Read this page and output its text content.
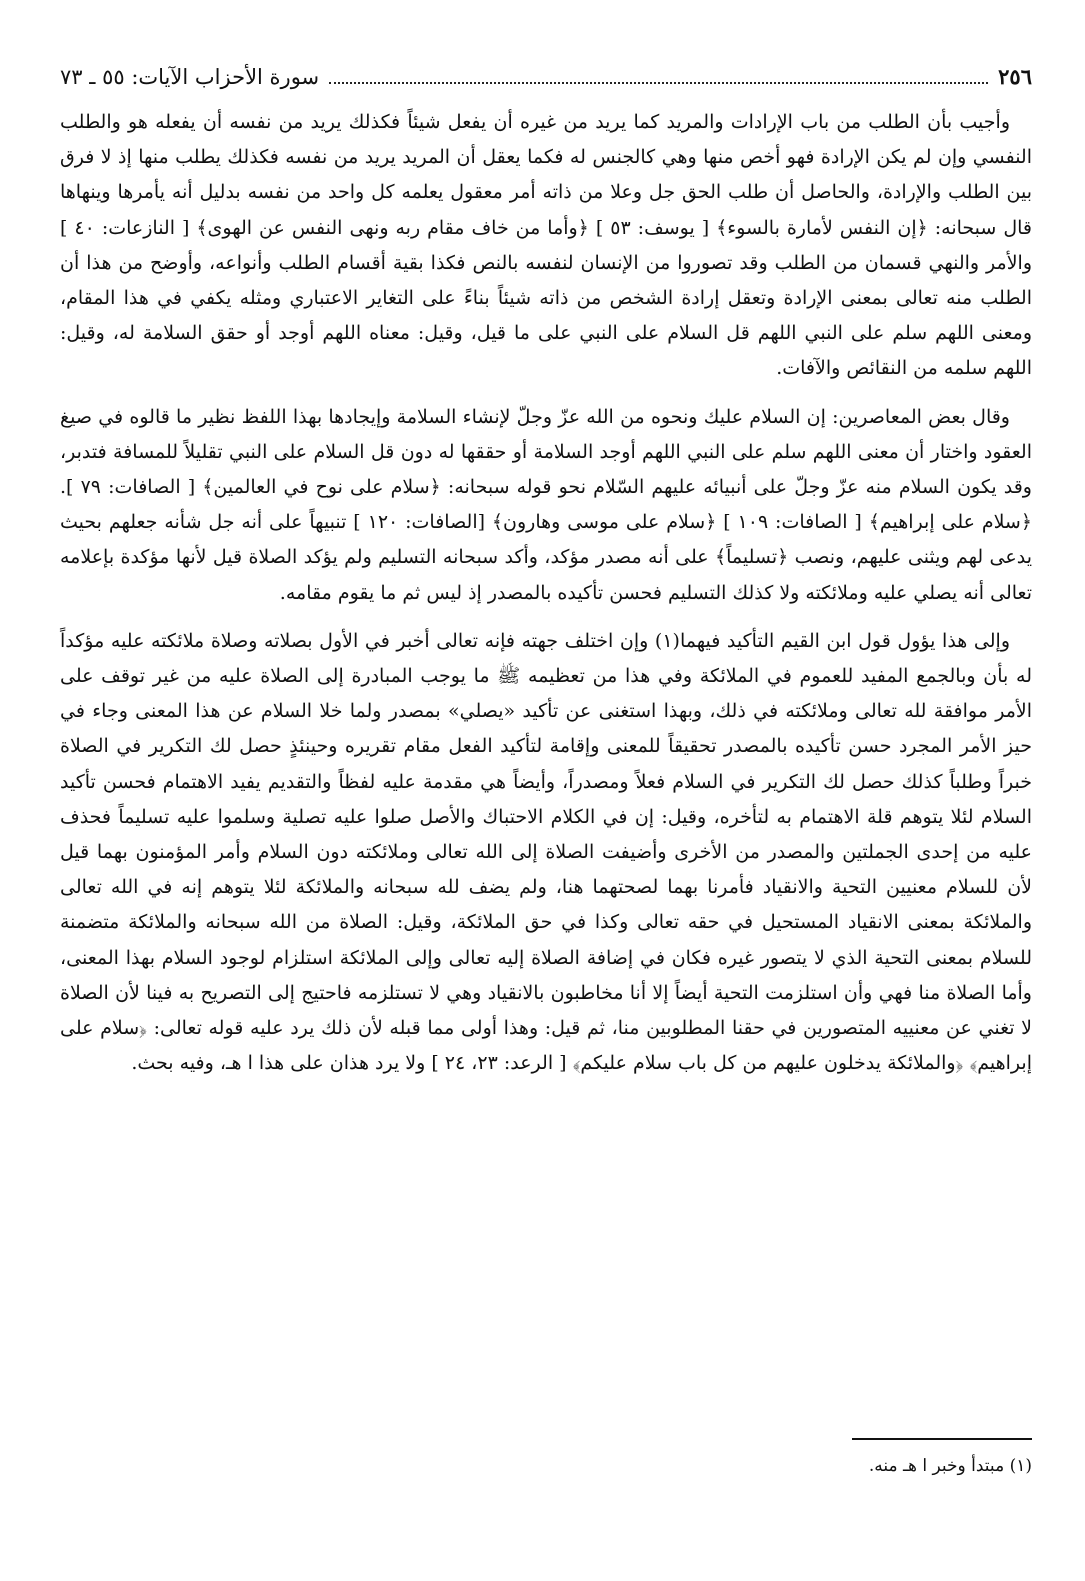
٢٥٦
سورة الأحزاب الآيات: ٥٥ ـ ٧٣

وأجيب بأن الطلب من باب الإرادات والمريد كما يريد من غيره أن يفعل شيئاً فكذلك يريد من نفسه أن يفعله هو والطلب النفسي وإن لم يكن الإرادة فهو أخص منها وهي كالجنس له فكما يعقل أن المريد يريد من نفسه فكذلك يطلب منها إذ لا فرق بين الطلب والإرادة، والحاصل أن طلب الحق جل وعلا من ذاته أمر معقول يعلمه كل واحد من نفسه بدليل أنه يأمرها وينهاها قال سبحانه: ﴿إن النفس لأمارة بالسوء﴾ [ يوسف: ٥٣ ] ﴿وأما من خاف مقام ربه ونهى النفس عن الهوى﴾ [ النازعات: ٤٠ ] والأمر والنهي قسمان من الطلب وقد تصوروا من الإنسان لنفسه بالنص فكذا بقية أقسام الطلب وأنواعه، وأوضح من هذا أن الطلب منه تعالى بمعنى الإرادة وتعقل إرادة الشخص من ذاته شيئاً بناءً على التغاير الاعتباري ومثله يكفي في هذا المقام، ومعنى اللهم سلم على النبي اللهم قل السلام على النبي على ما قيل، وقيل: معناه اللهم أوجد أو حقق السلامة له، وقيل: اللهم سلمه من النقائص والآفات.

وقال بعض المعاصرين: إن السلام عليك ونحوه من الله عزّ وجلّ لإنشاء السلامة وإيجادها بهذا اللفظ نظير ما قالوه في صيغ العقود واختار أن معنى اللهم سلم على النبي اللهم أوجد السلامة أو حققها له دون قل السلام على النبي تقليلاً للمسافة فتدبر، وقد يكون السلام منه عزّ وجلّ على أنبيائه عليهم السّلام نحو قوله سبحانه: ﴿سلام على نوح في العالمين﴾ [ الصافات: ٧٩ ]. ﴿سلام على إبراهيم﴾ [ الصافات: ١٠٩ ] ﴿سلام على موسى وهارون﴾ [الصافات: ١٢٠ ] تنبيهاً على أنه جل شأنه جعلهم بحيث يدعى لهم ويثنى عليهم، ونصب ﴿تسليماً﴾ على أنه مصدر مؤكد، وأكد سبحانه التسليم ولم يؤكد الصلاة قيل لأنها مؤكدة بإعلامه تعالى أنه يصلي عليه وملائكته ولا كذلك التسليم فحسن تأكيده بالمصدر إذ ليس ثم ما يقوم مقامه.

وإلى هذا يؤول قول ابن القيم التأكيد فيهما(١) وإن اختلف جهته فإنه تعالى أخبر في الأول بصلاته وصلاة ملائكته عليه مؤكداً له بأن وبالجمع المفيد للعموم في الملائكة وفي هذا من تعظيمه ﷺ ما يوجب المبادرة إلى الصلاة عليه من غير توقف على الأمر موافقة لله تعالى وملائكته في ذلك، وبهذا استغنى عن تأكيد «يصلي» بمصدر ولما خلا السلام عن هذا المعنى وجاء في حيز الأمر المجرد حسن تأكيده بالمصدر تحقيقاً للمعنى وإقامة لتأكيد الفعل مقام تقريره وحينئذٍ حصل لك التكرير في الصلاة خبراً وطلباً كذلك حصل لك التكرير في السلام فعلاً ومصدراً، وأيضاً هي مقدمة عليه لفظاً والتقديم يفيد الاهتمام فحسن تأكيد السلام لئلا يتوهم قلة الاهتمام به لتأخره، وقيل: إن في الكلام الاحتباك والأصل صلوا عليه تصلية وسلموا عليه تسليماً فحذف عليه من إحدى الجملتين والمصدر من الأخرى وأضيفت الصلاة إلى الله تعالى وملائكته دون السلام وأمر المؤمنون بهما قيل لأن للسلام معنيين التحية والانقياد فأمرنا بهما لصحتهما هنا، ولم يضف لله سبحانه والملائكة لئلا يتوهم إنه في الله تعالى والملائكة بمعنى الانقياد المستحيل في حقه تعالى وكذا في حق الملائكة، وقيل: الصلاة من الله سبحانه والملائكة متضمنة للسلام بمعنى التحية الذي لا يتصور غيره فكان في إضافة الصلاة إليه تعالى وإلى الملائكة استلزام لوجود السلام بهذا المعنى، وأما الصلاة منا فهي وأن استلزمت التحية أيضاً إلا أنا مخاطبون بالانقياد وهي لا تستلزمه فاحتيج إلى التصريح به فينا لأن الصلاة لا تغني عن معنييه المتصورين في حقنا المطلوبين منا، ثم قيل: وهذا أولى مما قبله لأن ذلك يرد عليه قوله تعالى: ﴿سلام على إبراهيم﴾ ﴿والملائكة يدخلون عليهم من كل باب سلام عليكم﴾ [ الرعد: ٢٣، ٢٤ ] ولا يرد هذان على هذا ا هـ، وفيه بحث.

(١) مبتدأ وخبر ا هـ منه.
